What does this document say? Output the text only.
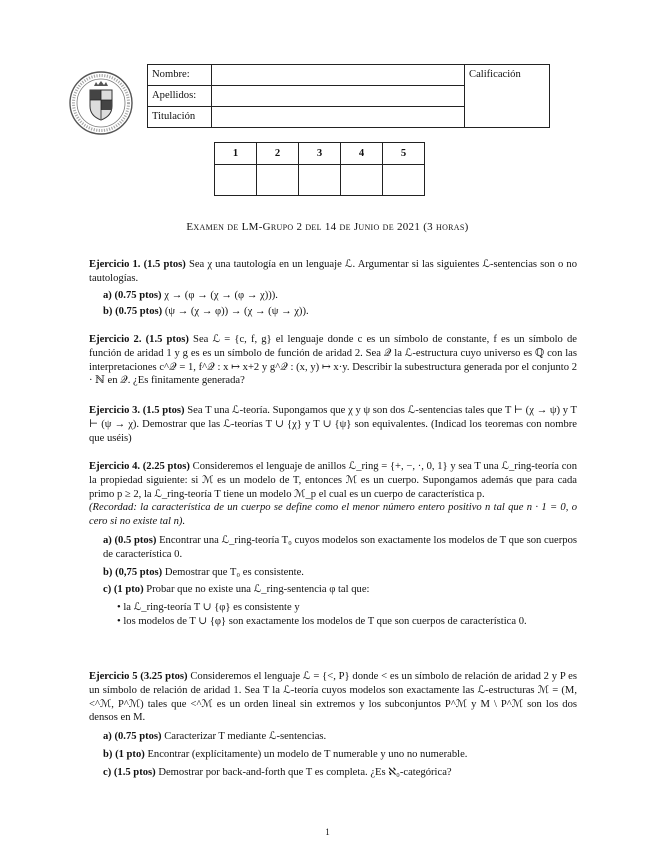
Nombre:		Calificación
Apellidos:		
Titulación		
1	2	3	4	5

Examen de LM-Grupo 2 del 14 de Junio de 2021 (3 horas)
Ejercicio 1. (1.5 ptos) Sea χ una tautología en un lenguaje ℒ. Argumentar si las siguientes ℒ-sentencias son o no tautologías.
a) (0.75 ptos) χ → (φ → (χ → (φ → χ))).
b) (0.75 ptos) (ψ → (χ → φ)) → (χ → (ψ → χ)).
Ejercicio 2. (1.5 ptos) Sea ℒ = {c, f, g} el lenguaje donde c es un símbolo de constante, f es un símbolo de función de aridad 1 y g es es un símbolo de función de aridad 2. Sea 𝒬 la ℒ-estructura cuyo universo es ℚ con las interpretaciones c^𝒬 = 1, f^𝒬 : x ↦ x+2 y g^𝒬 : (x, y) ↦ x·y. Describir la subestructura generada por el conjunto 2 · ℕ en 𝒬. ¿Es finitamente generada?
Ejercicio 3. (1.5 ptos) Sea T una ℒ-teoría. Supongamos que χ y ψ son dos ℒ-sentencias tales que T ⊢ (χ → ψ) y T ⊢ (ψ → χ). Demostrar que las ℒ-teorías T ∪ {χ} y T ∪ {ψ} son equivalentes. (Indicad los teoremas con nombre que uséis)
Ejercicio 4. (2.25 ptos) Consideremos el lenguaje de anillos ℒ_ring = {+, −, ·, 0, 1} y sea T una ℒ_ring-teoría con la propiedad siguiente: si ℳ es un modelo de T, entonces ℳ es un cuerpo. Supongamos además que para cada primo p ≥ 2, la ℒ_ring-teoría T tiene un modelo ℳ_p el cual es un cuerpo de característica p.
(Recordad: la característica de un cuerpo se define como el menor número entero positivo n tal que n · 1 = 0, o cero si no existe tal n).
a) (0.5 ptos) Encontrar una ℒ_ring-teoría T₀ cuyos modelos son exactamente los modelos de T que son cuerpos de característica 0.
b) (0,75 ptos) Demostrar que T₀ es consistente.
c) (1 pto) Probar que no existe una ℒ_ring-sentencia φ tal que:
• la ℒ_ring-teoría T ∪ {φ} es consistente y
• los modelos de T ∪ {φ} son exactamente los modelos de T que son cuerpos de característica 0.
Ejercicio 5 (3.25 ptos) Consideremos el lenguaje ℒ = {<, P} donde < es un símbolo de relación de aridad 2 y P es un símbolo de relación de aridad 1. Sea T la ℒ-teoría cuyos modelos son exactamente las ℒ-estructuras ℳ = (M, <^ℳ, P^ℳ) tales que <^ℳ es un orden lineal sin extremos y los subconjuntos P^ℳ y M \ P^ℳ son los dos densos en M.
a) (0.75 ptos) Caracterizar T mediante ℒ-sentencias.
b) (1 pto) Encontrar (explícitamente) un modelo de T numerable y uno no numerable.
c) (1.5 ptos) Demostrar por back-and-forth que T es completa. ¿Es ℵ₀-categórica?
1
